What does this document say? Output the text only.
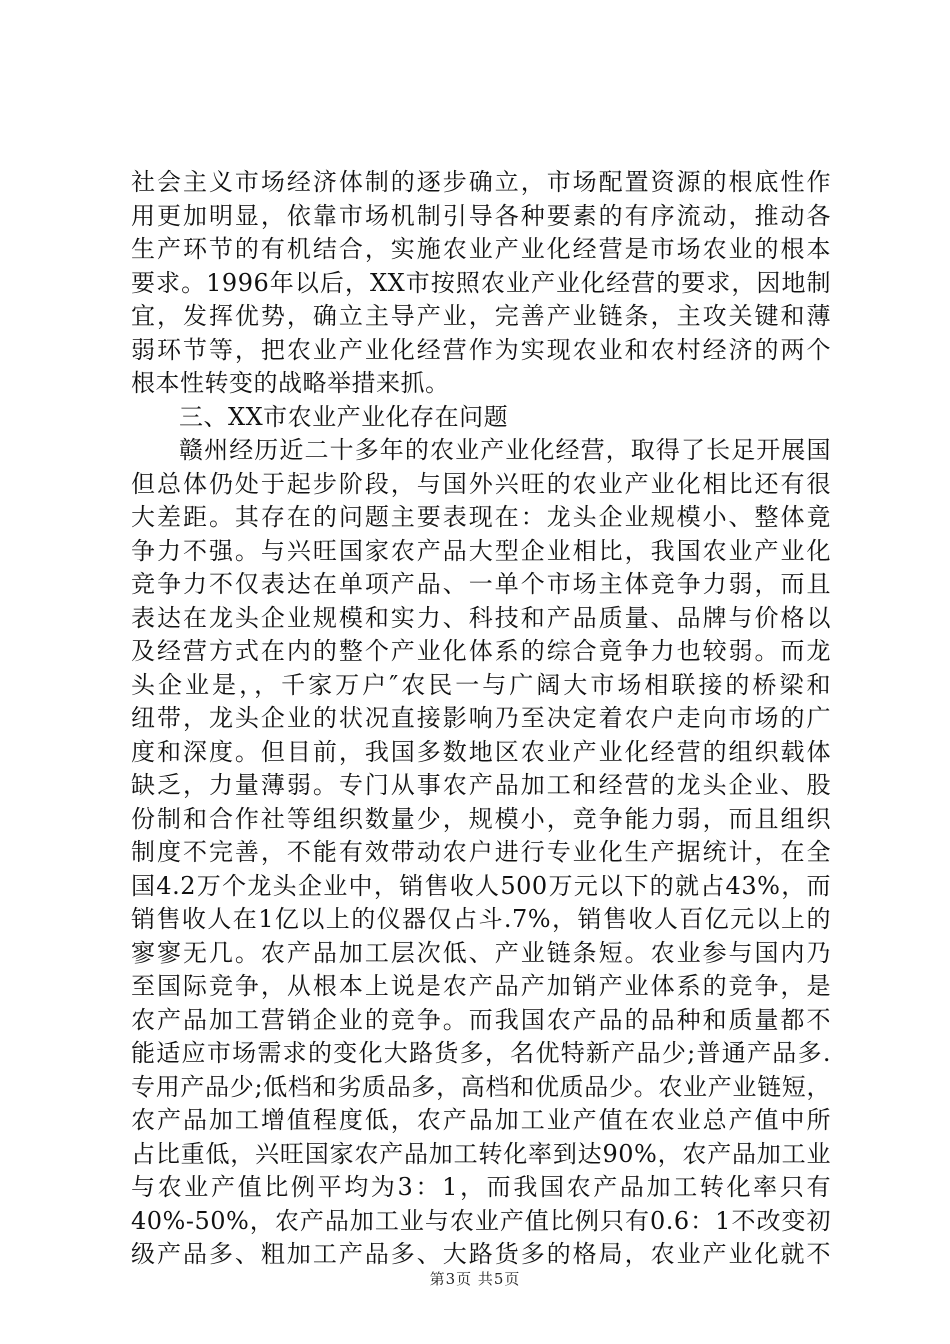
社会主义市场经济体制的逐步确立，市场配置资源的根底性作
用更加明显，依靠市场机制引导各种要素的有序流动，推动各
生产环节的有机结合，实施农业产业化经营是市场农业的根本
要求。1996年以后，XX市按照农业产业化经营的要求，因地制
宜，发挥优势，确立主导产业，完善产业链条，主攻关键和薄
弱环节等，把农业产业化经营作为实现农业和农村经济的两个
根本性转变的战略举措来抓。
三、XX市农业产业化存在问题
赣州经历近二十多年的农业产业化经营，取得了长足开展国
但总体仍处于起步阶段，与国外兴旺的农业产业化相比还有很
大差距。其存在的问题主要表现在：龙头企业规模小、整体竟
争力不强。与兴旺国家农产品大型企业相比，我国农业产业化
竞争力不仅表达在单项产品、一单个市场主体竞争力弱，而且
表达在龙头企业规模和实力、科技和产品质量、品牌与价格以
及经营方式在内的整个产业化体系的综合竟争力也较弱。而龙
头企业是，，千家万户″农民一与广阔大市场相联接的桥梁和
纽带，龙头企业的状况直接影响乃至决定着农户走向市场的广
度和深度。但目前，我国多数地区农业产业化经营的组织载体
缺乏，力量薄弱。专门从事农产品加工和经营的龙头企业、股
份制和合作社等组织数量少，规模小，竞争能力弱，而且组织
制度不完善，不能有效带动农户进行专业化生产据统计，在全
国4.2万个龙头企业中，销售收人500万元以下的就占43%，而
销售收人在1亿以上的仪器仅占斗.7%，销售收人百亿元以上的
寥寥无几。农产品加工层次低、产业链条短。农业参与国内乃
至国际竞争，从根本上说是农产品产加销产业体系的竞争，是
农产品加工营销企业的竞争。而我国农产品的品种和质量都不
能适应市场需求的变化大路货多，名优特新产品少;普通产品多.
专用产品少;低档和劣质品多，高档和优质品少。农业产业链短，
农产品加工增值程度低，农产品加工业产值在农业总产值中所
占比重低，兴旺国家农产品加工转化率到达90%，农产品加工业
与农业产值比例平均为3：1，而我国农产品加工转化率只有
40%-50%，农产品加工业与农业产值比例只有0.6：1不改变初
级产品多、粗加工产品多、大路货多的格局，农业产业化就不
第3页 共5页
